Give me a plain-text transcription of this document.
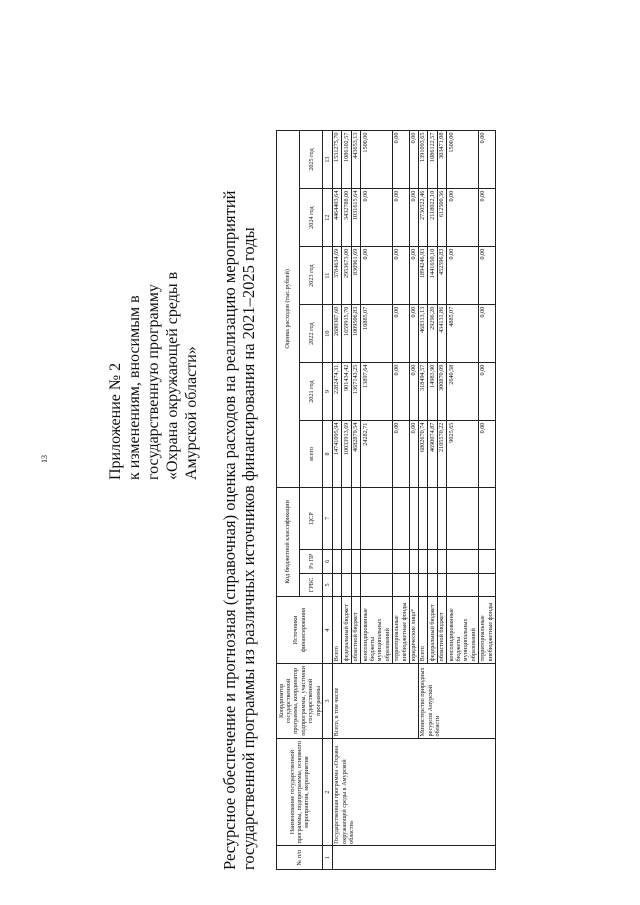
13	Приложение № 2 к изменениям, вносимым в государственную программу «Охрана окружающей среды в Амурской области» Ресурсное обеспечение и прогнозная (справочная) оценка расходов на реализацию мероприятий государственной программы из различных источников финансирования на 2021–2025 годы	№ п/п	Наименование государственной программы, подпрограммы, основного мероприятия, мероприятия	Координатор государственной программы, координатор подпрограммы, участники государственной программы	Источники финансирования	Код бюджетной классификации			Оценка расходов (тыс.рублей)					
				ГРБС	Рз ПР	ЦСР	всего	2021 год	2022 год	2023 год	2024 год	2025 год
1	2	3	4	5	6	7	8	9	10	11	12	13
	Государственная программа «Охрана окружающей среды в Амурской области»	Всего, в том числе	Всего				14741095,94	2282474,31	2680307,60	3784634,69	4464403,64	1531275,70
			федеральный бюджет				10033913,69	901434,42	1659915,70	2953673,00	3432788,00	1086102,57
			областной бюджет				4682879,54	1367143,25	1009506,83	830961,69	1031615,64	443653,13
			консолидированные бюджеты муниципальных образований				24282,71	13897,64	10885,07	0,00	0,00	1500,00
			территориальные внебюджетные фонды				0,00	0,00	0,00	0,00	0,00	0,00
			юридические лица*				0,00	0,00	0,00	0,00	0,00	0,00
		Министерство природных ресурсов Амурской области	Всего				6802670,74	318494,57	468313,13	1894246,93	2730522,46	1391093,65
			федеральный бюджет				4690074,87	14983,90	29296,20	1441650,10	2118022,10	1086122,57
			областной бюджет				2105570,22	300870,09	434131,86	452596,83	612500,36	303471,08
			консолидированные бюджеты муниципальных образований				9025,65	2640,58	4885,07	0,00	0,00	1500,00
			территориальные внебюджетные фонды				0,00	0,00	0,00	0,00	0,00	0,00
